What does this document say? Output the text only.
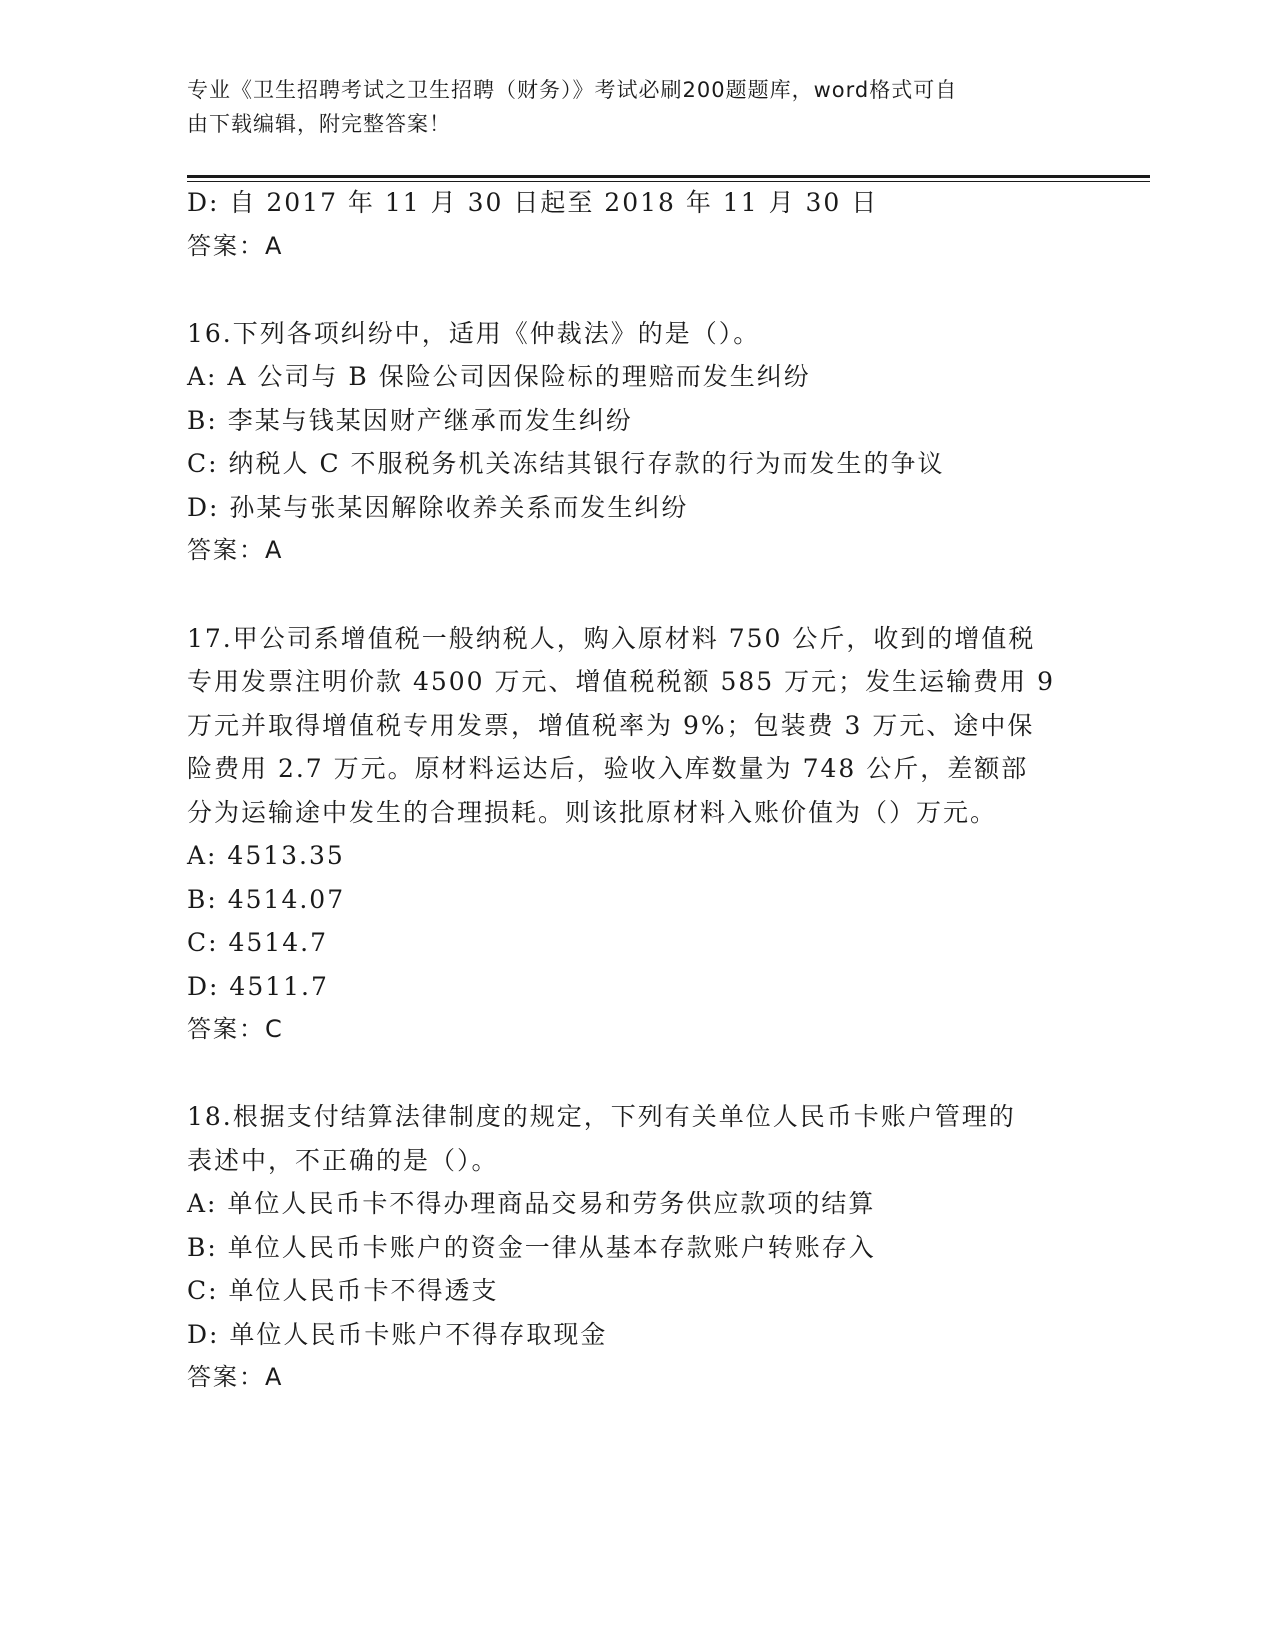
专业《卫生招聘考试之卫生招聘（财务）》考试必刷200题题库，word格式可自
由下载编辑，附完整答案！
D: 自 2017 年 11 月 30 日起至 2018 年 11 月 30 日
答案：A
16.下列各项纠纷中，适用《仲裁法》的是（）。
A: A 公司与 B 保险公司因保险标的理赔而发生纠纷
B: 李某与钱某因财产继承而发生纠纷
C: 纳税人 C 不服税务机关冻结其银行存款的行为而发生的争议
D: 孙某与张某因解除收养关系而发生纠纷
答案：A
17.甲公司系增值税一般纳税人，购入原材料 750 公斤，收到的增值税
专用发票注明价款 4500 万元、增值税税额 585 万元；发生运输费用 9
万元并取得增值税专用发票，增值税率为 9%；包装费 3 万元、途中保
险费用 2.7 万元。原材料运达后，验收入库数量为 748 公斤，差额部
分为运输途中发生的合理损耗。则该批原材料入账价值为（）万元。
A: 4513.35
B: 4514.07
C: 4514.7
D: 4511.7
答案：C
18.根据支付结算法律制度的规定，下列有关单位人民币卡账户管理的
表述中，不正确的是（）。
A: 单位人民币卡不得办理商品交易和劳务供应款项的结算
B: 单位人民币卡账户的资金一律从基本存款账户转账存入
C: 单位人民币卡不得透支
D: 单位人民币卡账户不得存取现金
答案：A
